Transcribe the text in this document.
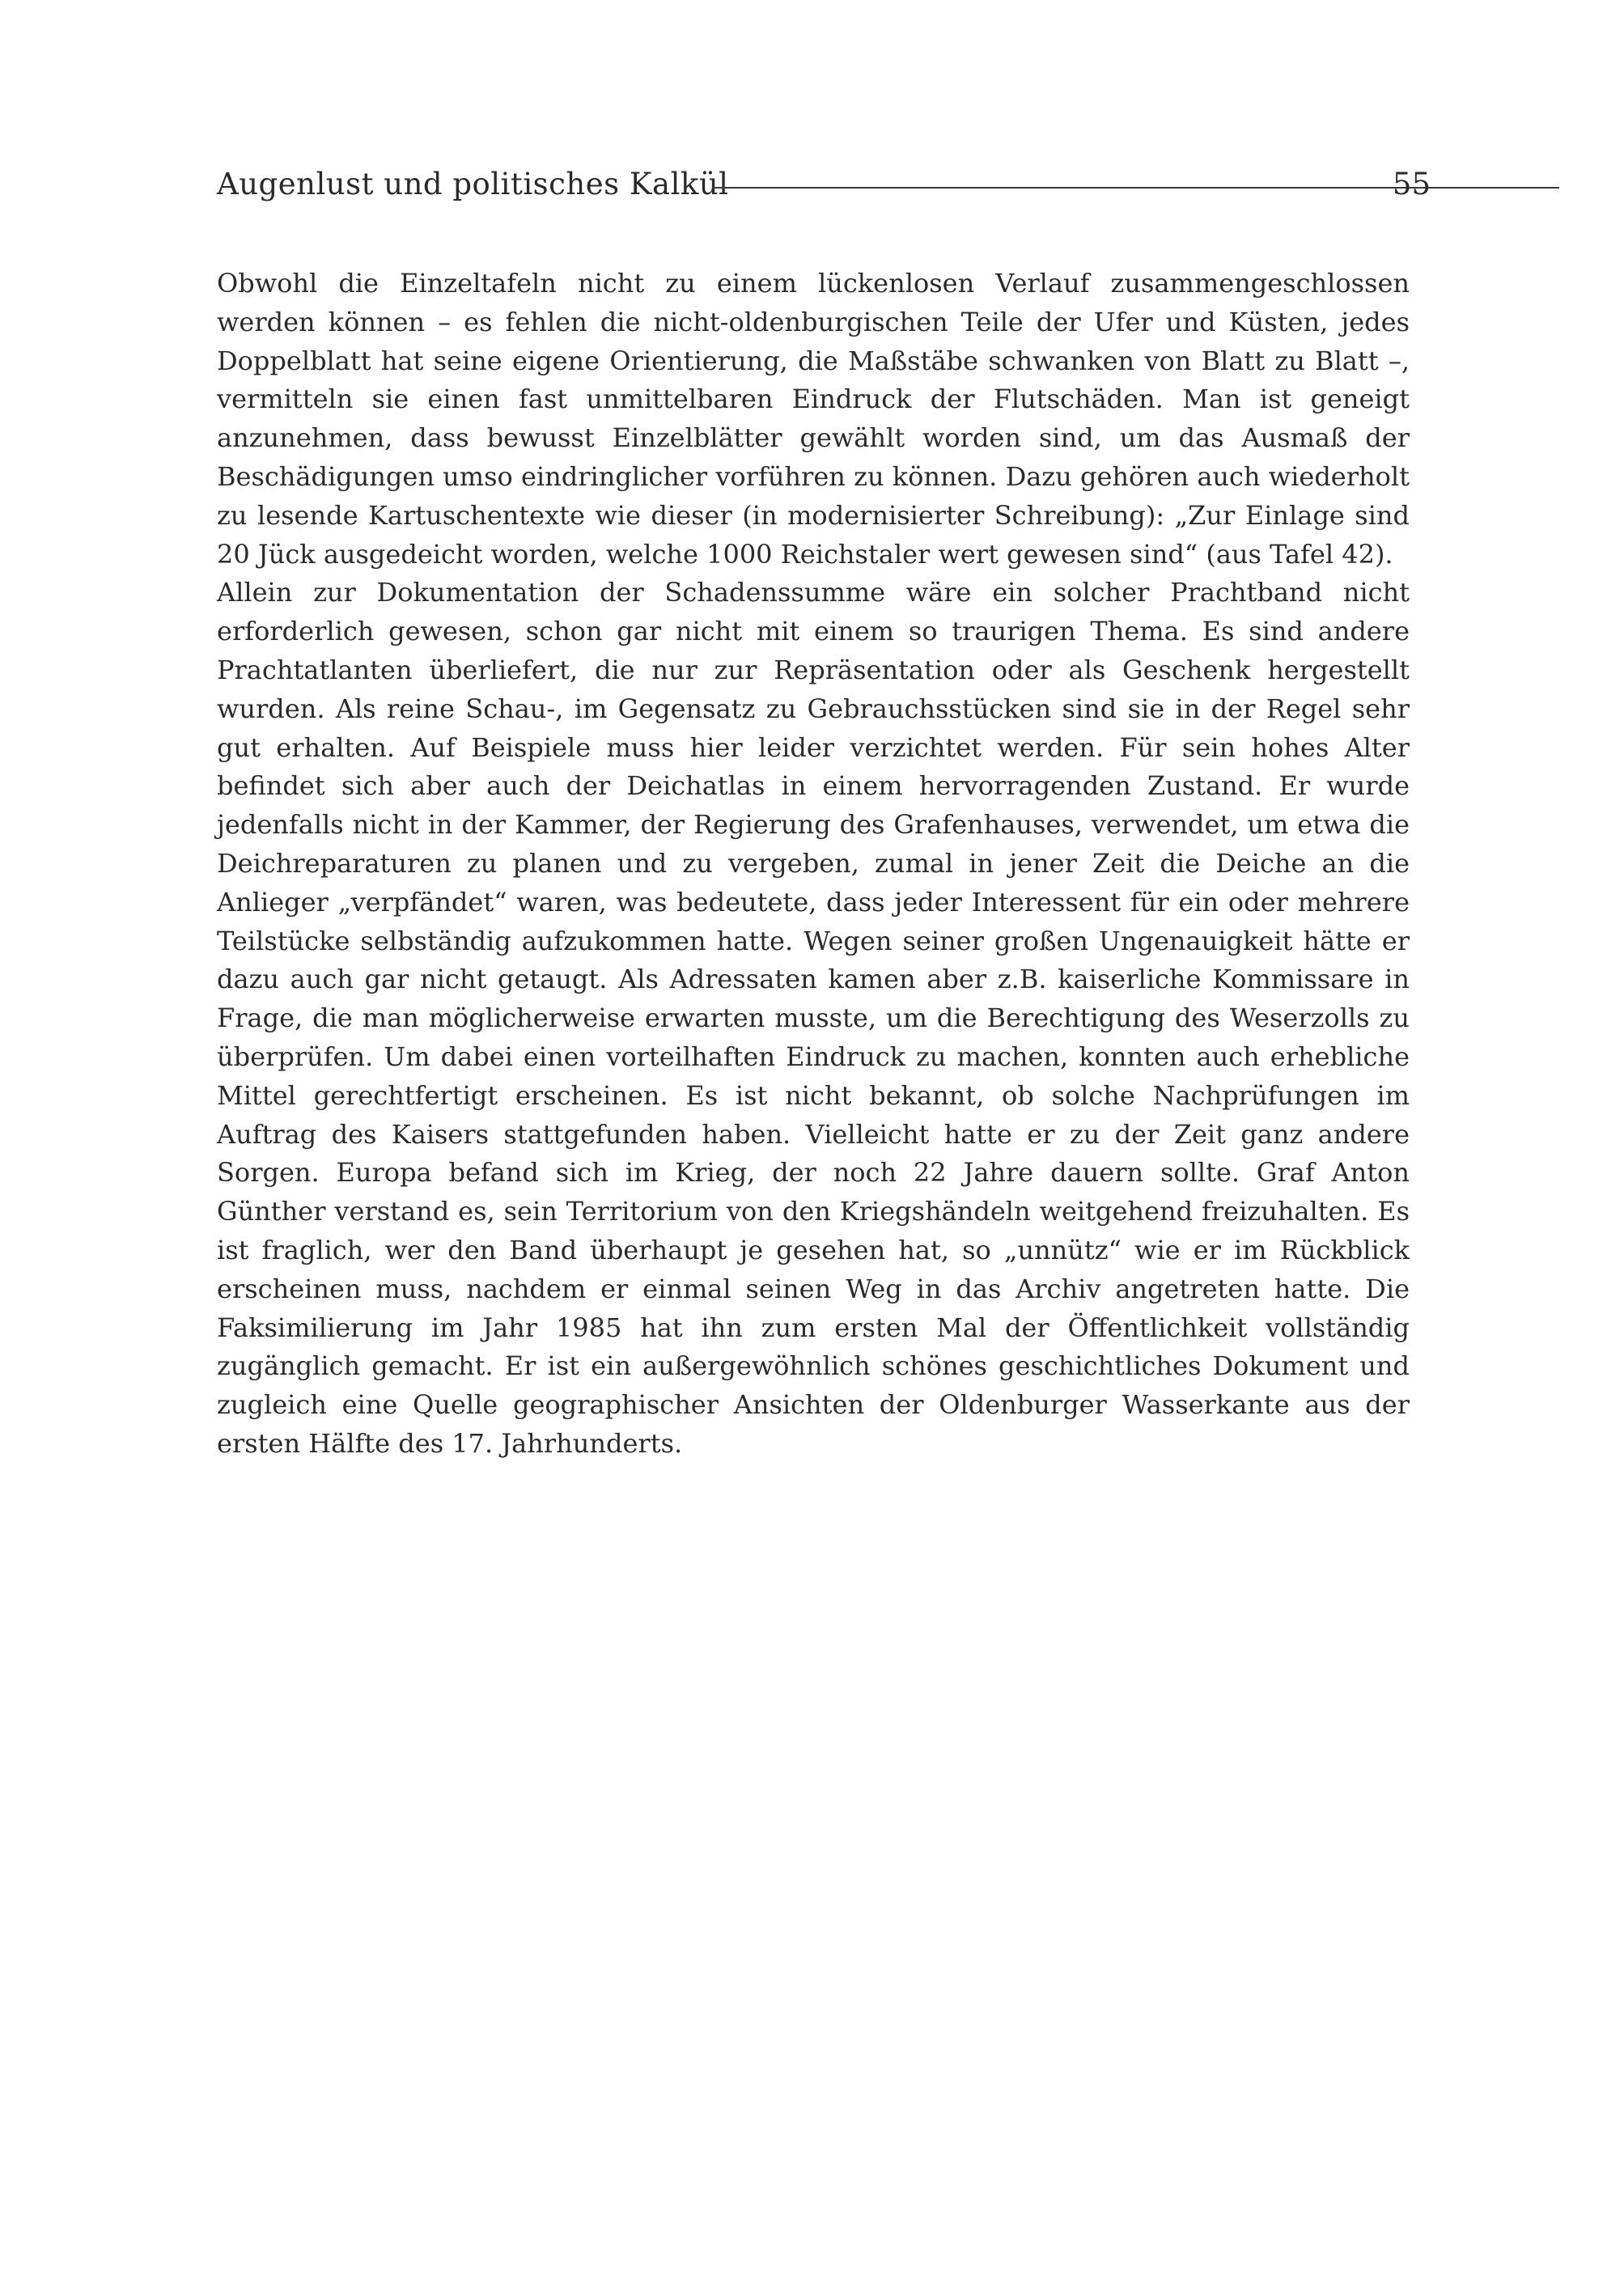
Augenlust und politisches Kalkül	55

Obwohl die Einzeltafeln nicht zu einem lückenlosen Verlauf zusammengeschlossen werden können – es fehlen die nicht-oldenburgischen Teile der Ufer und Küsten, jedes Doppelblatt hat seine eigene Orientierung, die Maßstäbe schwanken von Blatt zu Blatt –, vermitteln sie einen fast unmittelbaren Eindruck der Flutschäden. Man ist geneigt anzunehmen, dass bewusst Einzelblätter gewählt worden sind, um das Ausmaß der Beschädigungen umso eindringlicher vorführen zu können. Dazu gehören auch wiederholt zu lesende Kartuschentexte wie dieser (in modernisierter Schreibung): „Zur Einlage sind 20 Jück ausgedeicht worden, welche 1000 Reichstaler wert gewesen sind“ (aus Tafel 42).

Allein zur Dokumentation der Schadenssumme wäre ein solcher Prachtband nicht erforderlich gewesen, schon gar nicht mit einem so traurigen Thema. Es sind andere Prachtatlanten überliefert, die nur zur Repräsentation oder als Geschenk hergestellt wurden. Als reine Schau-, im Gegensatz zu Gebrauchsstücken sind sie in der Regel sehr gut erhalten. Auf Beispiele muss hier leider verzichtet werden. Für sein hohes Alter befindet sich aber auch der Deichatlas in einem hervorragenden Zustand. Er wurde jedenfalls nicht in der Kammer, der Regierung des Grafenhauses, verwendet, um etwa die Deichreparaturen zu planen und zu vergeben, zumal in jener Zeit die Deiche an die Anlieger „verpfändet“ waren, was bedeutete, dass jeder Interessent für ein oder mehrere Teilstücke selbständig aufzukommen hatte. Wegen seiner großen Ungenauigkeit hätte er dazu auch gar nicht getaugt. Als Adressaten kamen aber z.B. kaiserliche Kommissare in Frage, die man möglicherweise erwarten musste, um die Berechtigung des Weserzolls zu überprüfen. Um dabei einen vorteilhaften Eindruck zu machen, konnten auch erhebliche Mittel gerechtfertigt erscheinen. Es ist nicht bekannt, ob solche Nachprüfungen im Auftrag des Kaisers stattgefunden haben. Vielleicht hatte er zu der Zeit ganz andere Sorgen. Europa befand sich im Krieg, der noch 22 Jahre dauern sollte. Graf Anton Günther verstand es, sein Territorium von den Kriegshändeln weitgehend freizuhalten. Es ist fraglich, wer den Band überhaupt je gesehen hat, so „unnütz“ wie er im Rückblick erscheinen muss, nachdem er einmal seinen Weg in das Archiv angetreten hatte. Die Faksimilierung im Jahr 1985 hat ihn zum ersten Mal der Öffentlichkeit vollständig zugänglich gemacht. Er ist ein außergewöhnlich schönes geschichtliches Dokument und zugleich eine Quelle geographischer Ansichten der Oldenburger Wasserkante aus der ersten Hälfte des 17. Jahrhunderts.
